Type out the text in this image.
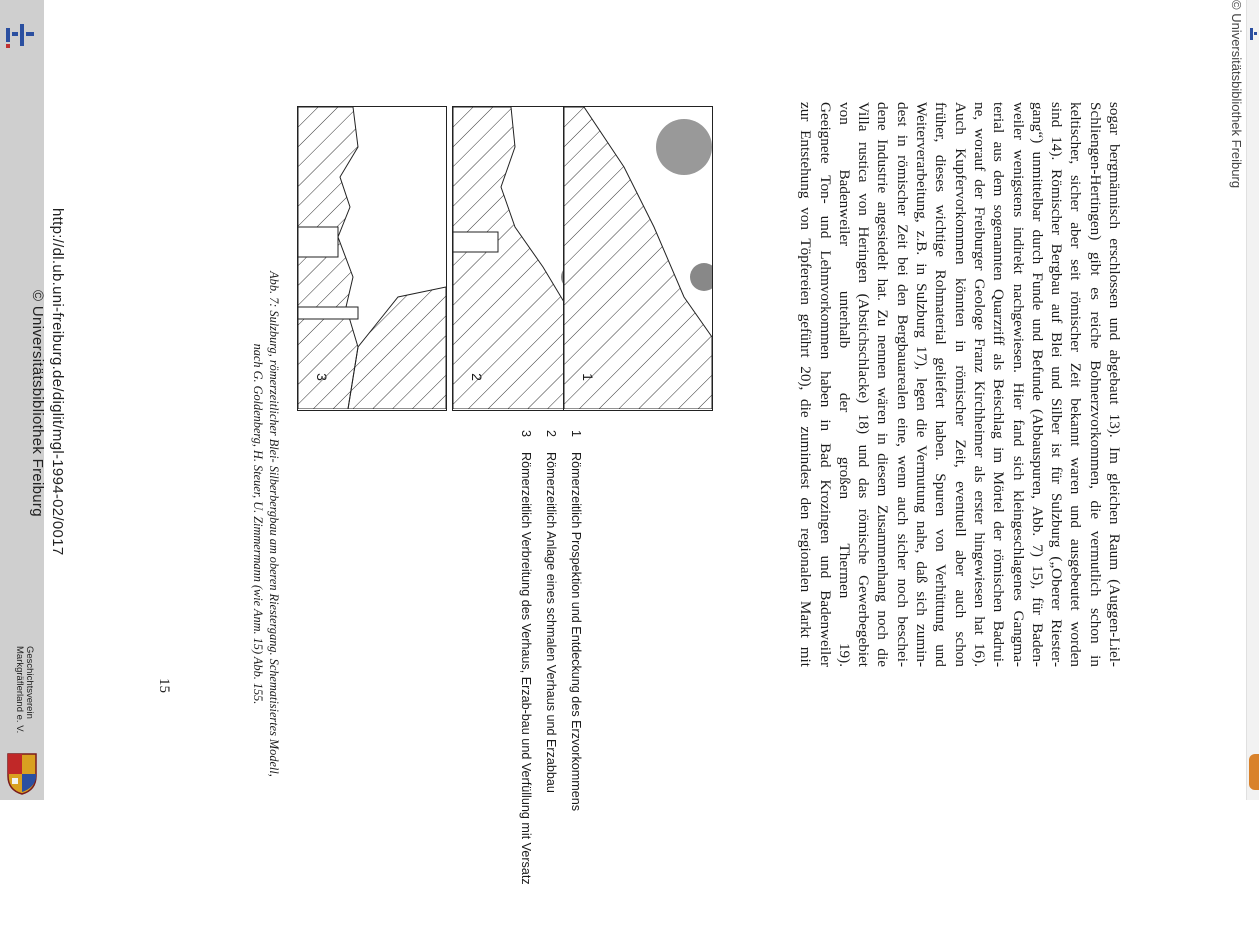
http://dl.ub.uni-freiburg.de/diglit/mgl-1994-02/0017
© Universitätsbibliothek Freiburg
Geschichtsverein
Markgräflerland e. V.	15	Abb. 7: Sulzburg, römerzeitlicher Blei- Silberbergbau am oberen Riestergang. Schematisiertes Modell,
nach G. Goldenberg, H. Steuer, U. Zimmermann (wie Anm. 15) Abb. 155.	3	2	1
1
Römerzeitlich Prospektion und Entdeckung des Erzvorkommens
2
Römerzeitlich Anlage eines schmalen Verhaus und Erzabbau
3
Römerzeitlich Verbreitung des Verhaus, Erzab-bau und Verfüllung mit Versatz
sogar bergmännisch erschlossen und abgebaut 13). Im gleichen Raum (Auggen-Liel-
Schliengen-Hertingen) gibt es reiche Bohnerzvorkommen, die vermutlich schon in
keltischer, sicher aber seit römischer Zeit bekannt waren und ausgebeutet worden
sind 14). Römischer Bergbau auf Blei und Silber ist für Sulzburg („Oberer Riester-
gang“) unmittelbar durch Funde und Befunde (Abbauspuren, Abb. 7) 15), für Baden-
weiler wenigstens indirekt nachgewiesen. Hier fand sich kleingeschlagenes Gangma-
terial aus dem sogenannten Quarzriff als Beischlag im Mörtel der römischen Badrui-
ne, worauf der Freiburger Geologe Franz Kirchheimer als erster hingewiesen hat 16).
Auch Kupfervorkommen könnten in römischer Zeit, eventuell aber auch schon
früher, dieses wichtige Rohmaterial geliefert haben. Spuren von Verhüttung und
Weiterverarbeitung, z.B. in Sulzburg 17), legen die Vermutung nahe, daß sich zumin-
dest in römischer Zeit bei den Bergbauarealen eine, wenn auch sicher noch beschei-
dene Industrie angesiedelt hat. Zu nennen wären in diesem Zusammenhang noch die
Villa rustica von Heringen (Abstichschlacke) 18) und das römische Gewerbegebiet
von Badenweiler unterhalb der großen Thermen 19).
Geeignete Ton- und Lehmvorkommen haben in Bad Krozingen und Badenweiler
zur Entstehung von Töpfereien geführt 20), die zumindest den regionalen Markt mit
© Universitätsbibliothek Freiburg
